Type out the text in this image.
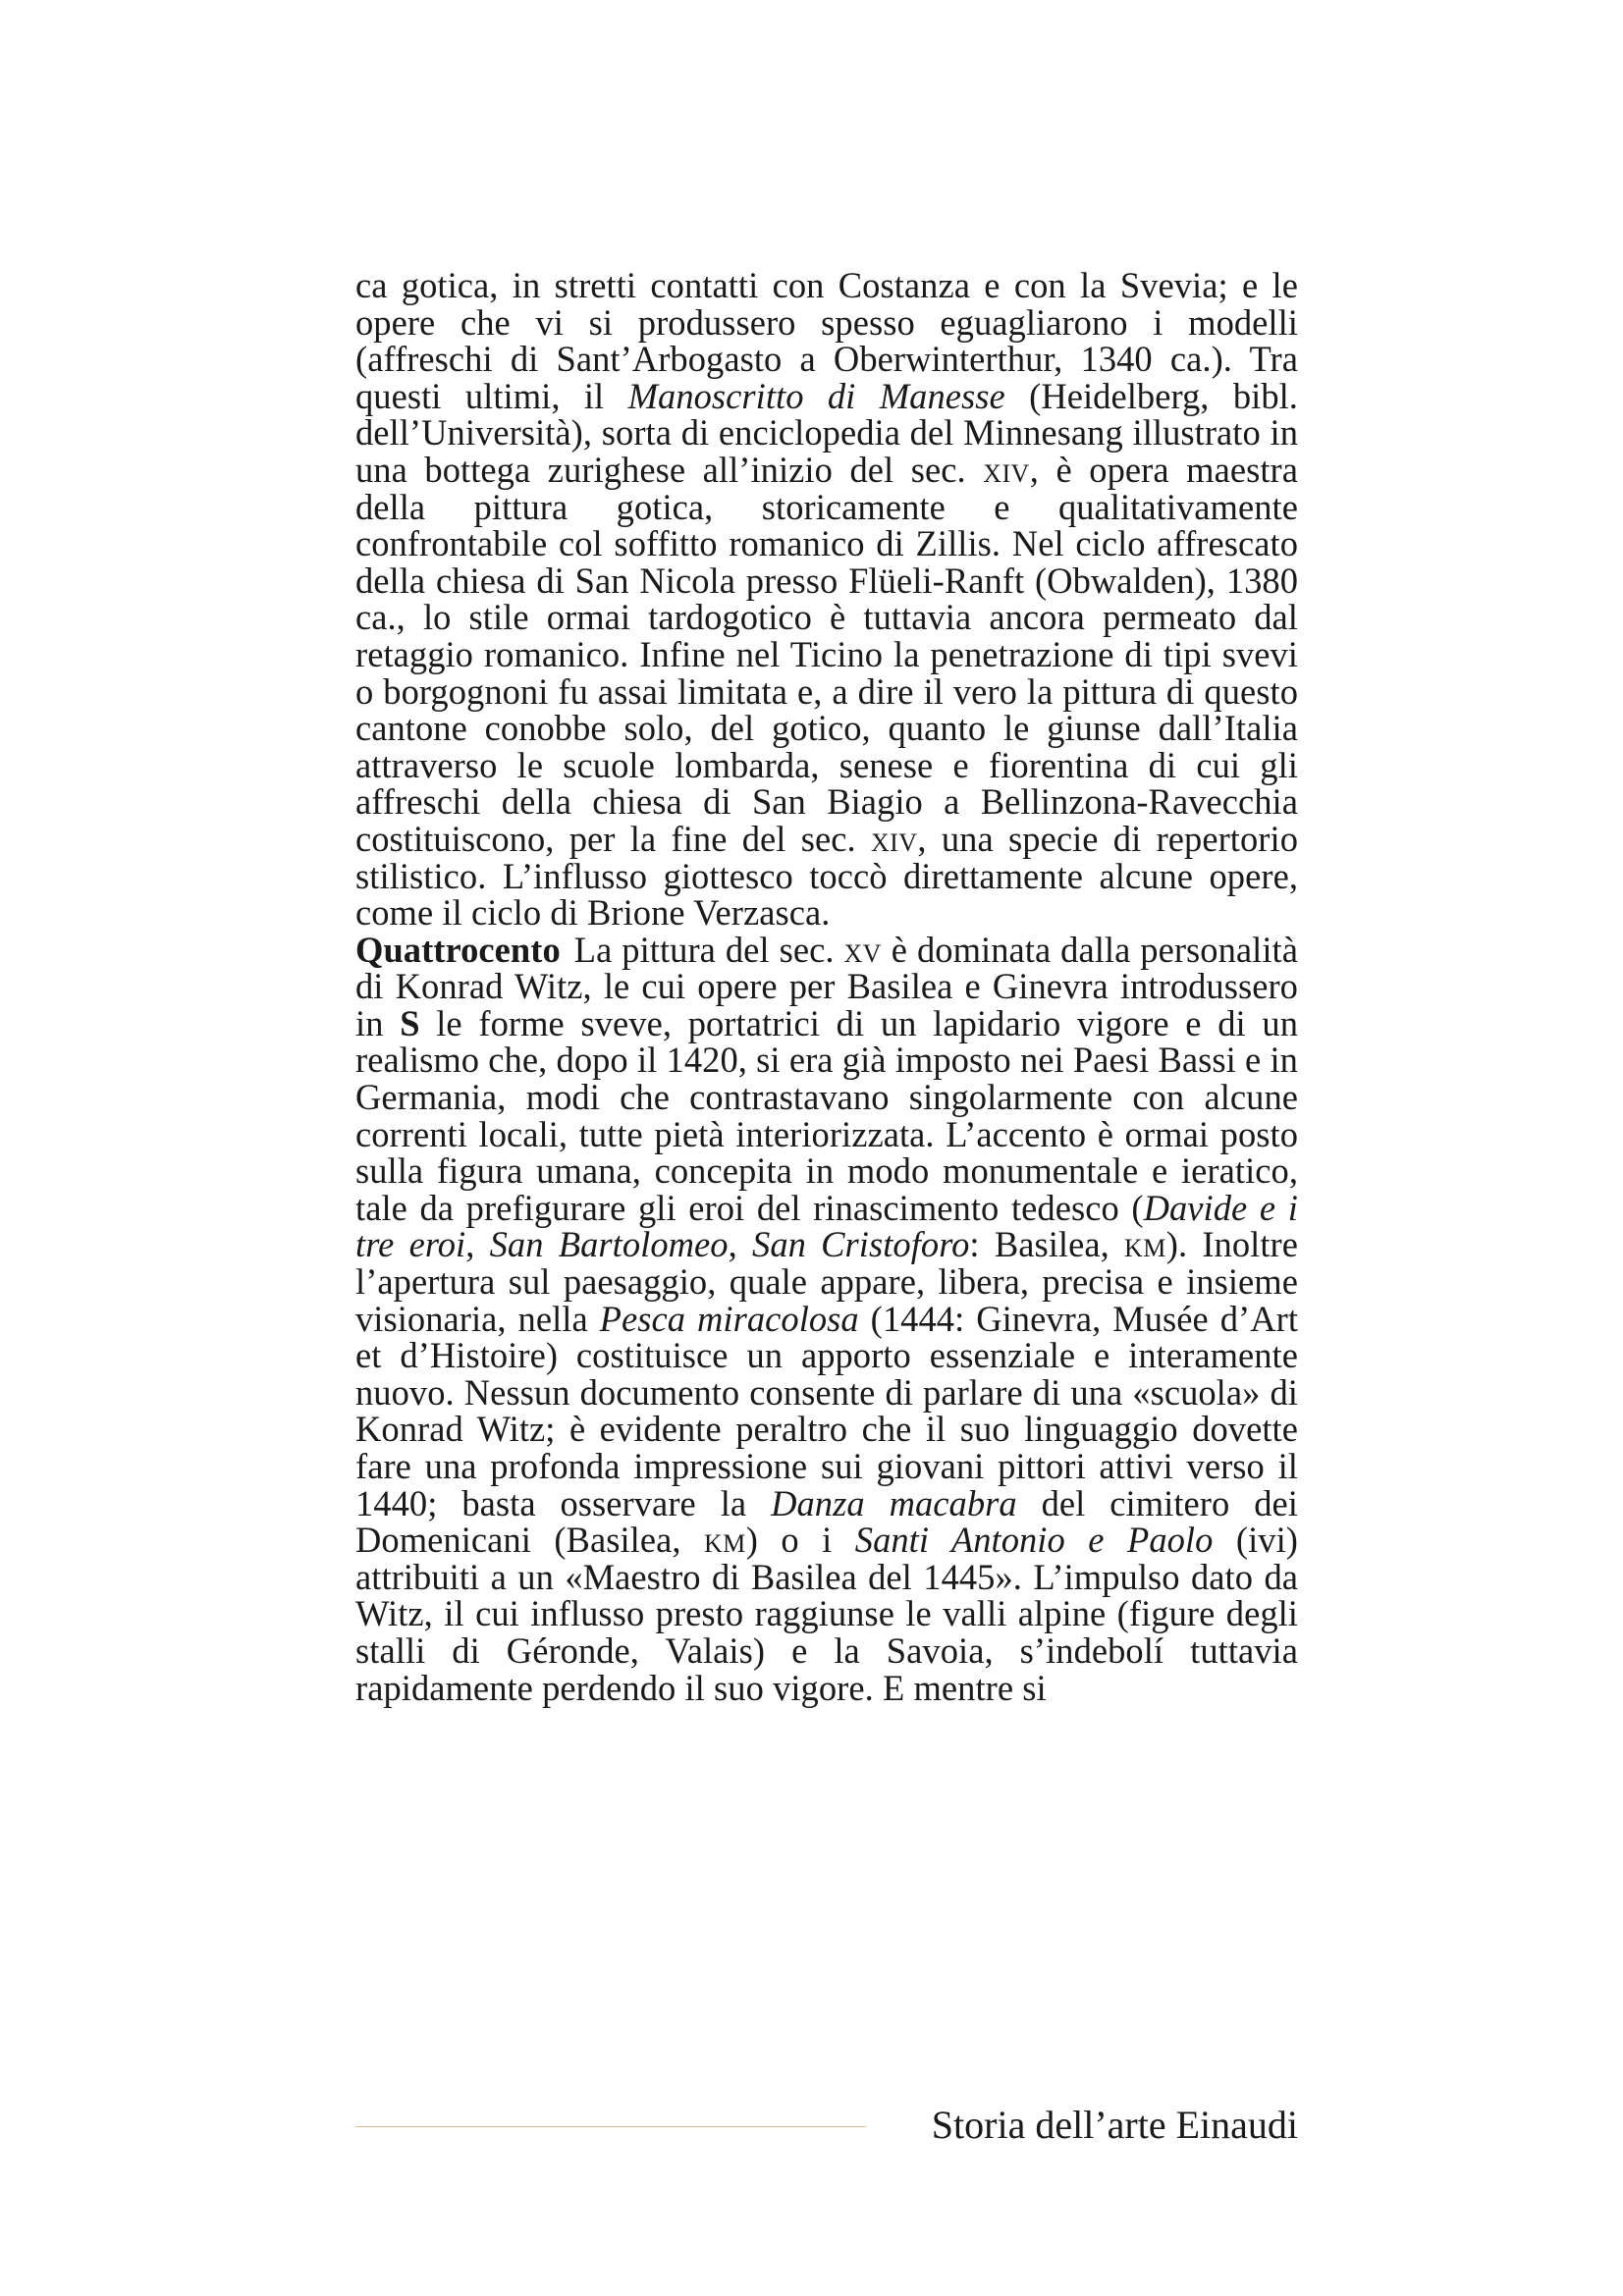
ca gotica, in stretti contatti con Costanza e con la Svevia; e le opere che vi si produssero spesso eguagliarono i modelli (affreschi di Sant’Arbogasto a Oberwinterthur, 1340 ca.). Tra questi ultimi, il Manoscritto di Manesse (Heidelberg, bibl. dell’Università), sorta di enciclopedia del Minnesang illustrato in una bottega zurighese all’inizio del sec. xiv, è opera maestra della pittura gotica, storicamente e qualitativamente confrontabile col soffitto romanico di Zillis. Nel ciclo affrescato della chiesa di San Nicola presso Flüeli-Ranft (Obwalden), 1380 ca., lo stile ormai tardogotico è tuttavia ancora permeato dal retaggio romanico. Infine nel Ticino la penetrazione di tipi svevi o borgognoni fu assai limitata e, a dire il vero la pittura di questo cantone conobbe solo, del gotico, quanto le giunse dall’Italia attraverso le scuole lombarda, senese e fiorentina di cui gli affreschi della chiesa di San Biagio a Bellinzona-Ravecchia costituiscono, per la fine del sec. xiv, una specie di repertorio stilistico. L’influsso giottesco toccò direttamente alcune opere, come il ciclo di Brione Verzasca.

Quattrocento La pittura del sec. xv è dominata dalla personalità di Konrad Witz, le cui opere per Basilea e Ginevra introdussero in S le forme sveve, portatrici di un lapidario vigore e di un realismo che, dopo il 1420, si era già imposto nei Paesi Bassi e in Germania, modi che contrastavano singolarmente con alcune correnti locali, tutte pietà interiorizzata. L’accento è ormai posto sulla figura umana, concepita in modo monumentale e ieratico, tale da prefigurare gli eroi del rinascimento tedesco (Davide e i tre eroi, San Bartolomeo, San Cristoforo: Basilea, km). Inoltre l’apertura sul paesaggio, quale appare, libera, precisa e insieme visionaria, nella Pesca miracolosa (1444: Ginevra, Musée d’Art et d’Histoire) costituisce un apporto essenziale e interamente nuovo. Nessun documento consente di parlare di una «scuola» di Konrad Witz; è evidente peraltro che il suo linguaggio dovette fare una profonda impressione sui giovani pittori attivi verso il 1440; basta osservare la Danza macabra del cimitero dei Domenicani (Basilea, km) o i Santi Antonio e Paolo (ivi) attribuiti a un «Maestro di Basilea del 1445». L’impulso dato da Witz, il cui influsso presto raggiunse le valli alpine (figure degli stalli di Géronde, Valais) e la Savoia, s’indebolí tuttavia rapidamente perdendo il suo vigore. E mentre si

Storia dell’arte Einaudi
